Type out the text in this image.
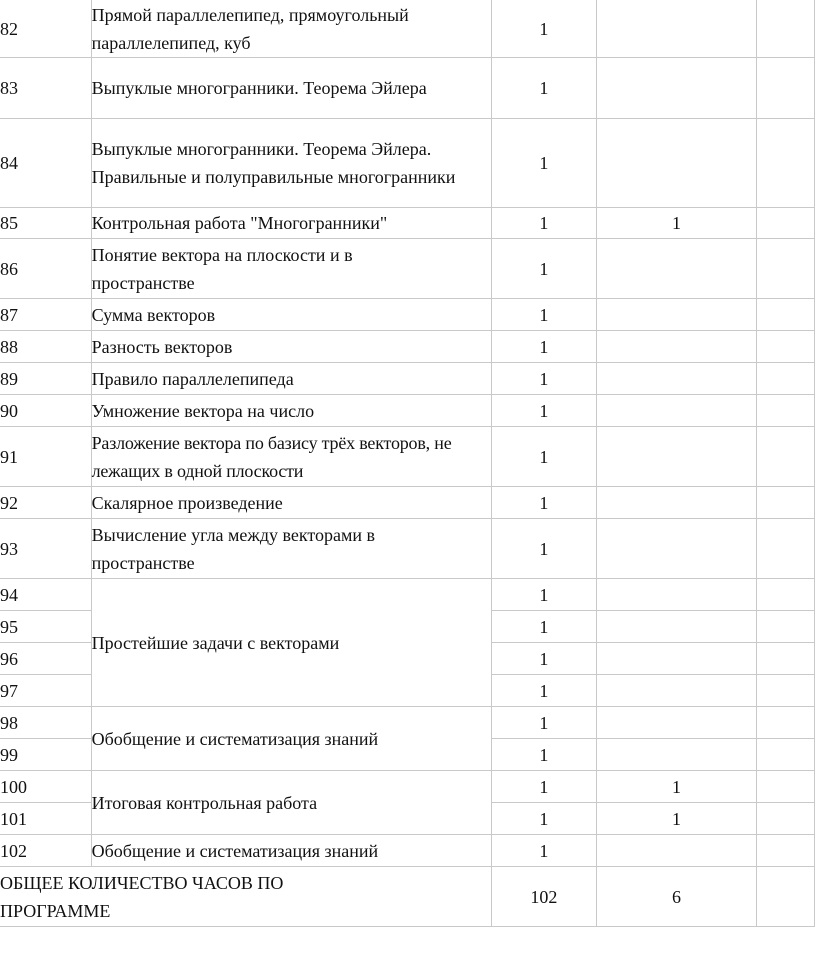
82	Прямой параллелепипед, прямоугольный параллелепипед, куб	1		
83	Выпуклые многогранники. Теорема Эйлера	1		
84	Выпуклые многогранники. Теорема Эйлера. Правильные и полуправильные многогранники	1		
85	Контрольная работа "Многогранники"	1	1	
86	Понятие вектора на плоскости и в пространстве	1		
87	Сумма векторов	1		
88	Разность векторов	1		
89	Правило параллелепипеда	1		
90	Умножение вектора на число	1		
91	Разложение вектора по базису трёх векторов, не лежащих в одной плоскости	1		
92	Скалярное произведение	1		
93	Вычисление угла между векторами в пространстве	1		
94	Простейшие задачи с векторами	1		
95		1		
96		1		
97		1		
98	Обобщение и систематизация знаний	1		
99		1		
100	Итоговая контрольная работа	1	1	
101		1	1	
102	Обобщение и систематизация знаний	1		
ОБЩЕЕ КОЛИЧЕСТВО ЧАСОВ ПО ПРОГРАММЕ		102	6	
